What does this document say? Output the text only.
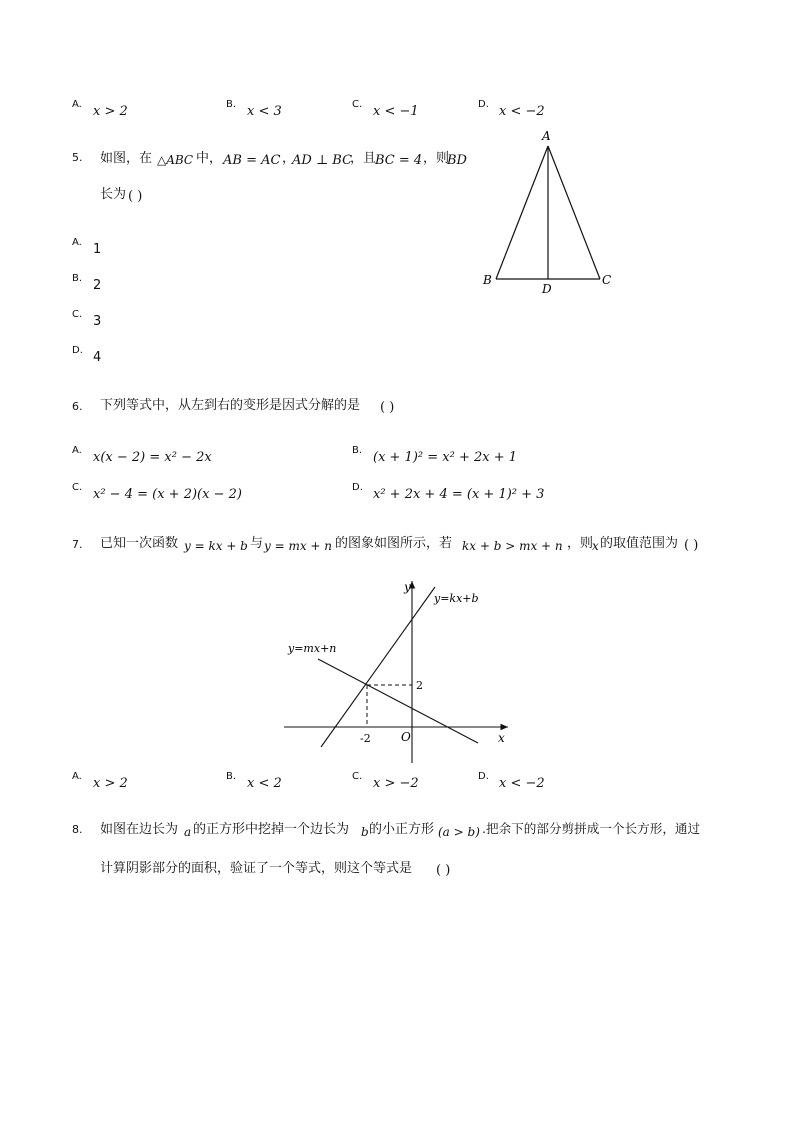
A. x > 2	B. x < 3	C. x < −1	D. x < −2
5. 如图，在 △ABC 中， AB = AC ，
AD ⊥ BC
，且
BC = 4 ，则
BD
长为 ( )
A. 1
B. 2
C. 3
D. 4
A
B	C
D
6. 下列等式中，从左到右的变形是因式分解的是 ( )
A. x(x − 2) = x² − 2x	B. (x + 1)² = x² + 2x + 1
C. x² − 4 = (x + 2)(x − 2)	D. x² + 2x + 4 = (x + 1)² + 3
7. 已知一次函数 y = kx + b 与 y = mx + n 的图象如图所示，若 kx + b > mx + n ，则
x 的取值范围为 ( )
y
x
O
y=kx+b
y=mx+n
-2
2
A. x > 2	B. x < 2	C. x > −2	D. x < −2
8. 如图在边长为 a 的正方形中挖掉一个边长为 b 的小正方形 (a > b) .把余下的部分剪拼成一个长方形，通过
计算阴影部分的面积，验证了一个等式，则这个等式是 ( )
